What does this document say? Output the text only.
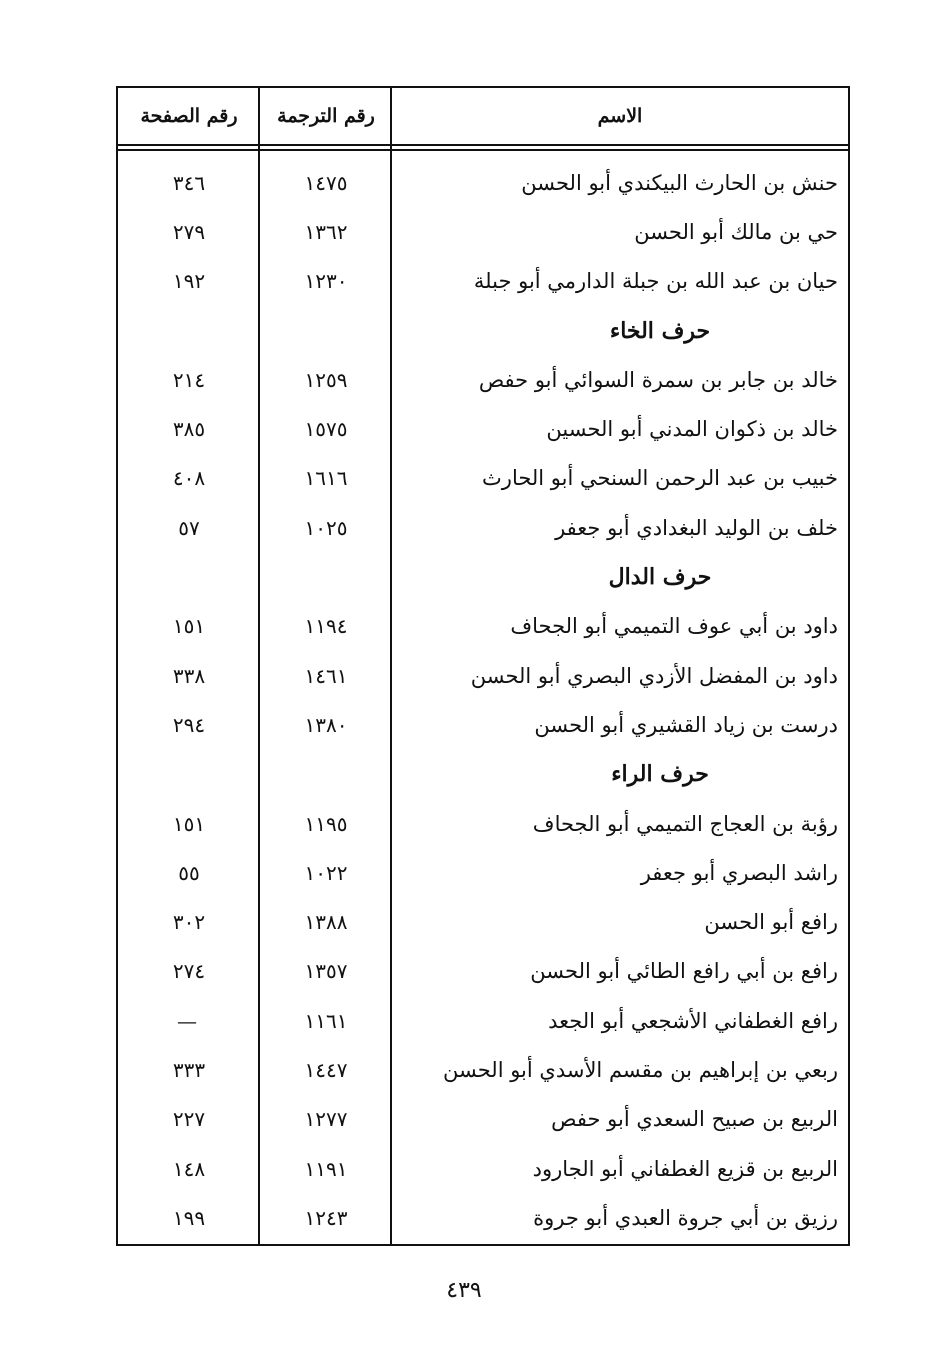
الاسم
رقم الترجمة
رقم الصفحة
حنش بن الحارث البيكندي أبو الحسن
١٤٧٥
٣٤٦
حي بن مالك أبو الحسن
١٣٦٢
٢٧٩
حيان بن عبد الله بن جبلة الدارمي أبو جبلة
١٢٣٠
١٩٢
حرف الخاء
خالد بن جابر بن سمرة السوائي أبو حفص
١٢٥٩
٢١٤
خالد بن ذكوان المدني أبو الحسين
١٥٧٥
٣٨٥
خبيب بن عبد الرحمن السنحي أبو الحارث
١٦١٦
٤٠٨
خلف بن الوليد البغدادي أبو جعفر
١٠٢٥
٥٧
حرف الدال
داود بن أبي عوف التميمي أبو الجحاف
١١٩٤
١٥١
داود بن المفضل الأزدي البصري أبو الحسن
١٤٦١
٣٣٨
درست بن زياد القشيري أبو الحسن
١٣٨٠
٢٩٤
حرف الراء
رؤبة بن العجاج التميمي أبو الجحاف
١١٩٥
١٥١
راشد البصري أبو جعفر
١٠٢٢
٥٥
رافع أبو الحسن
١٣٨٨
٣٠٢
رافع بن أبي رافع الطائي أبو الحسن
١٣٥٧
٢٧٤
رافع الغطفاني الأشجعي أبو الجعد
١١٦١
—
ربعي بن إبراهيم بن مقسم الأسدي أبو الحسن
١٤٤٧
٣٣٣
الربيع بن صبيح السعدي أبو حفص
١٢٧٧
٢٢٧
الربيع بن قزيع الغطفاني أبو الجارود
١١٩١
١٤٨
رزيق بن أبي جروة العبدي أبو جروة
١٢٤٣
١٩٩
٤٣٩
